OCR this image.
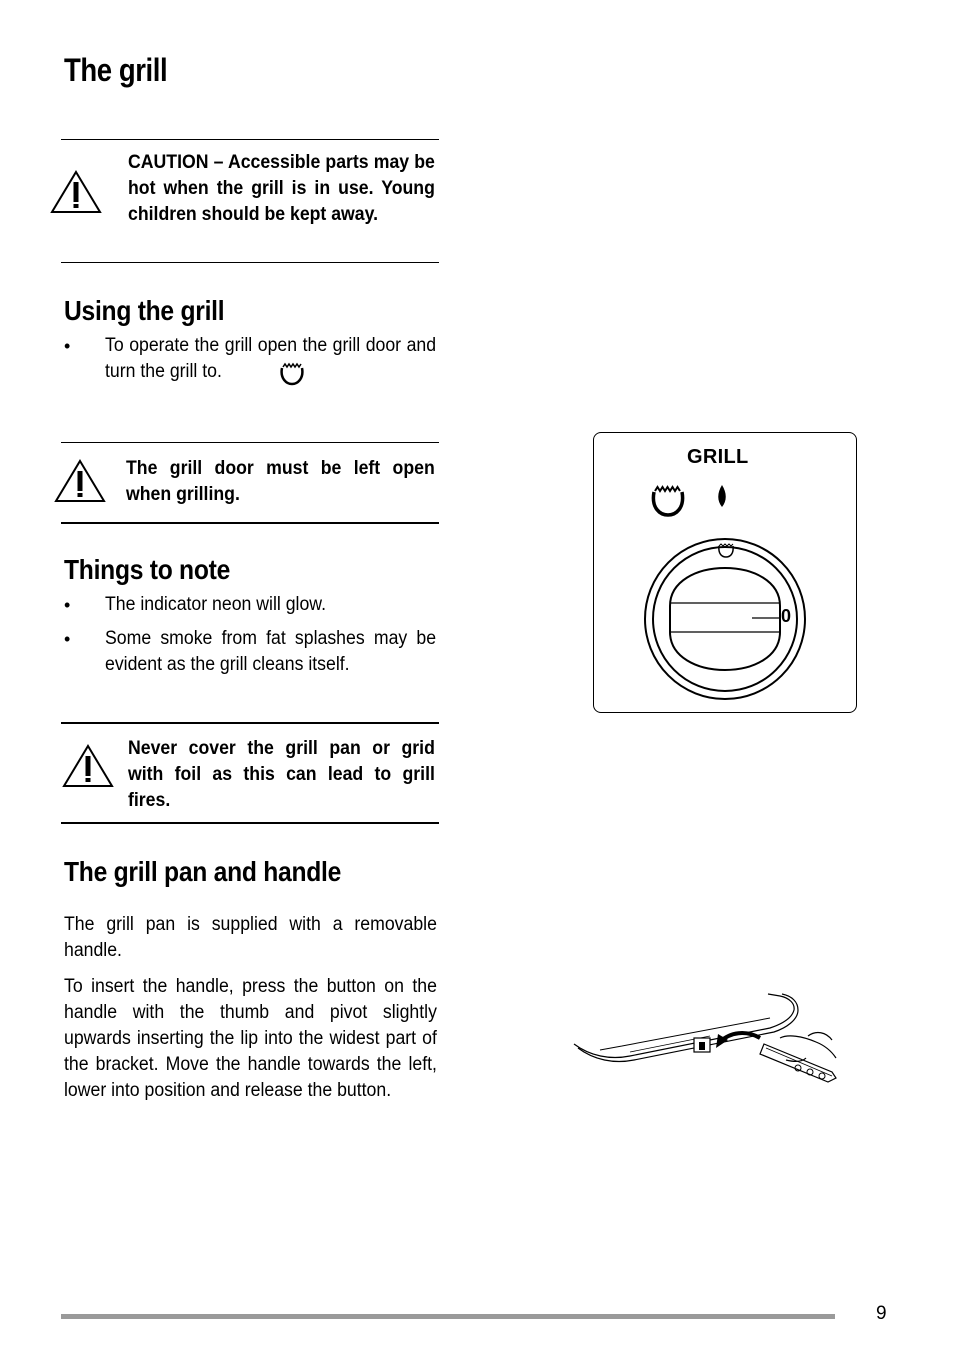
The grill
CAUTION – Accessible parts may be hot when the grill is in use. Young children should be kept away.
Using the grill
• To operate the grill open the grill door and turn the grill to.
The grill door must be left open when grilling.
Things to note
• The indicator neon will glow.
• Some smoke from fat splashes may be evident as the grill cleans itself.
Never cover the grill pan or grid with foil as this can lead to grill fires.
The grill pan and handle
The grill pan is supplied with a removable handle.
To insert the handle, press the button on the handle with the thumb and pivot slightly upwards inserting the lip into the widest part of the bracket. Move the handle towards the left, lower into position and release the button.
GRILL
0
9
